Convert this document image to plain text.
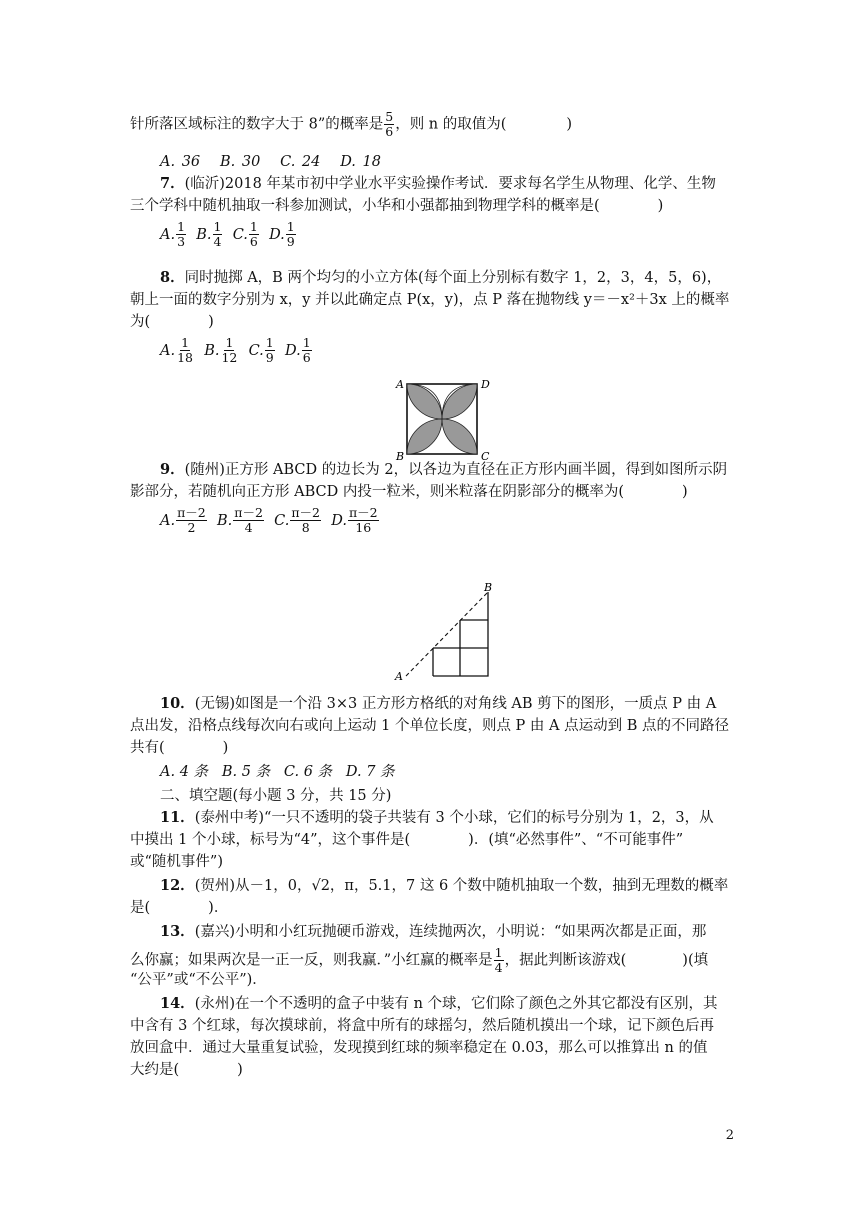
针所落区域标注的数字大于 8”的概率是 $\frac{5}{6}$ ，则 n 的取值为(	)
A. 36 B. 30 C. 24 D. 18
7．(临沂)2018 年某市初中学业水平实验操作考试．要求每名学生从物理、化学、生物
三个学科中随机抽取一科参加测试，小华和小强都抽到物理学科的概率是(	)
A. $\frac{1}{3} B$. $\frac{1}{4} C$. $\frac{1}{6} D$. $\frac{1}{9}$
8．同时抛掷 A，B 两个均匀的小立方体(每个面上分别标有数字 1，2，3，4，5，6)，
朝上一面的数字分别为 x，y 并以此确定点 P(x，y)，点 P 落在抛物线 y＝－x²＋3x 上的概率
为(	)
A. $\frac{1}{18} B$. $\frac{1}{12} C$. $\frac{1}{9} D$. $\frac{1}{6}$
A	D
B	C
9．(随州)正方形 ABCD 的边长为 2，以各边为直径在正方形内画半圆，得到如图所示阴
影部分，若随机向正方形 ABCD 内投一粒米，则米粒落在阴影部分的概率为(	)
A. $\frac{\pi-2}{2} B$. $\frac{\pi-2}{4} C$. $\frac{\pi-2}{8} D$. $\frac{\pi-2}{16}$
A
B
10．(无锡)如图是一个沿 3×3 正方形方格纸的对角线 AB 剪下的图形，一质点 P 由 A
点出发，沿格点线每次向右或向上运动 1 个单位长度，则点 P 由 A 点运动到 B 点的不同路径
共有(	)
A. 4 条 B. 5 条 C. 6 条 D. 7 条
二、填空题(每小题 3 分，共 15 分)
11．(泰州中考)“一只不透明的袋子共装有 3 个小球，它们的标号分别为 1，2，3，从
中摸出 1 个小球，标号为“4”，这个事件是(	)．(填“必然事件”、“不可能事件”
或“随机事件”)
12．(贺州)从－1，0，√2，π，5.1，7 这 6 个数中随机抽取一个数，抽到无理数的概率
是(	)．
13．(嘉兴)小明和小红玩抛硬币游戏，连续抛两次，小明说：“如果两次都是正面，那
么你赢；如果两次是一正一反，则我赢．”小红赢的概率是 $\frac{1}{4}$ ，据此判断该游戏(	)(填
“公平”或“不公平”)．
14．(永州)在一个不透明的盒子中装有 n 个球，它们除了颜色之外其它都没有区别，其
中含有 3 个红球，每次摸球前，将盒中所有的球摇匀，然后随机摸出一个球，记下颜色后再
放回盒中．通过大量重复试验，发现摸到红球的频率稳定在 0.03，那么可以推算出 n 的值
大约是(	)
2
